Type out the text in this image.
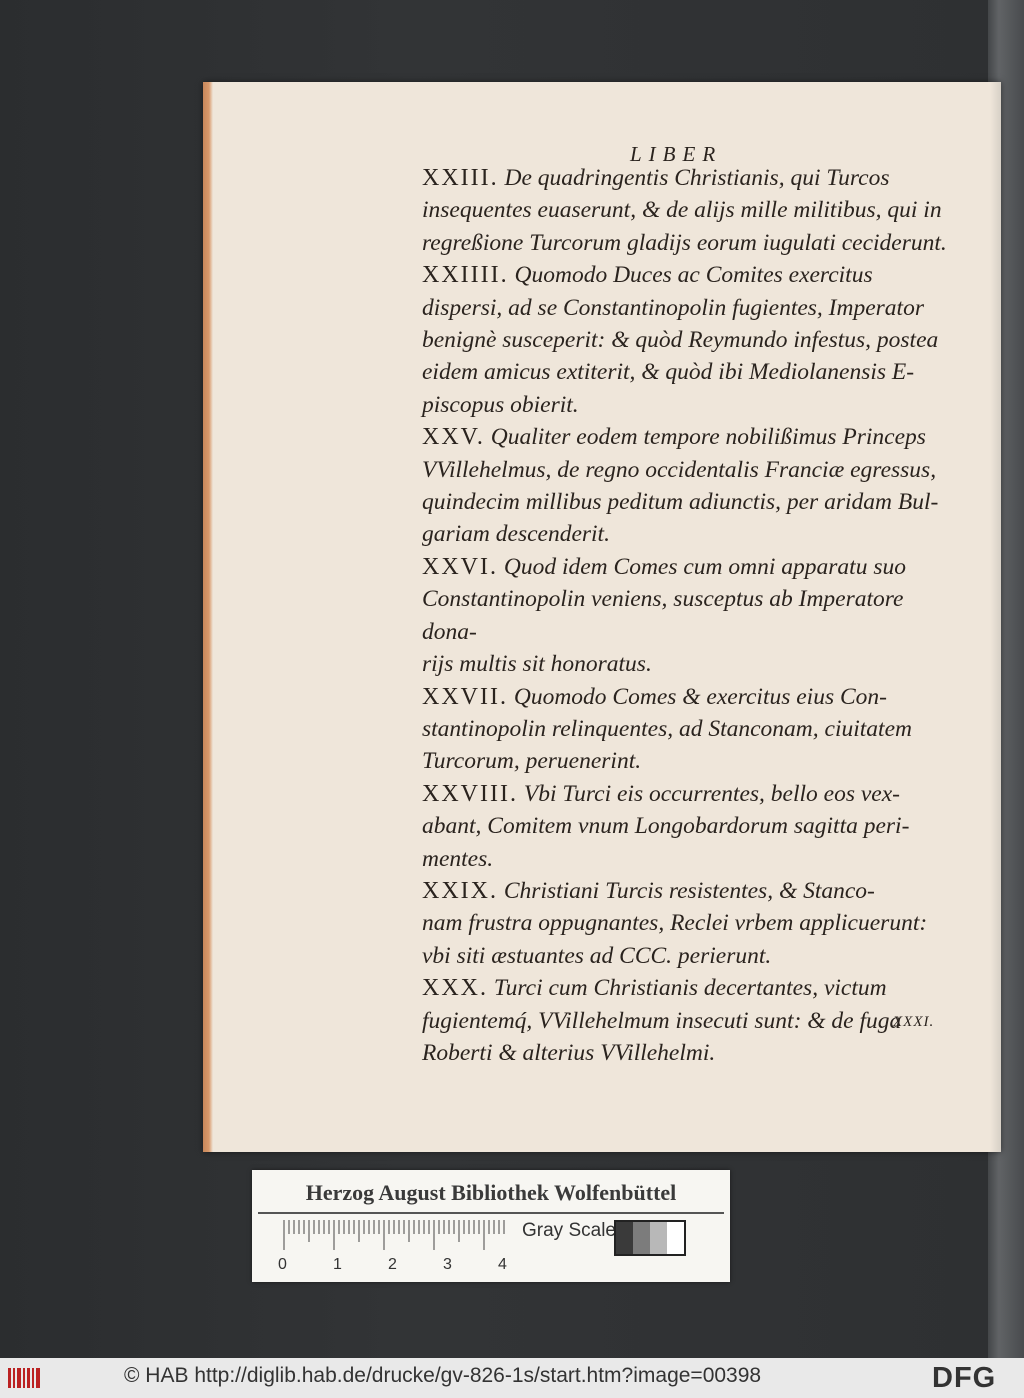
LIBER

XXIII. De quadringentis Christianis, qui Turcos
insequentes euaserunt, & de alijs mille militibus, qui in
regreßione Turcorum gladijs eorum iugulati ceciderunt.

XXIIII. Quomodo Duces ac Comites exercitus
dispersi, ad se Constantinopolin fugientes, Imperator
benignè susceperit: & quòd Reymundo infestus, postea
eidem amicus extiterit, & quòd ibi Mediolanensis E-
piscopus obierit.

XXV. Qualiter eodem tempore nobilißimus Princeps
VVillehelmus, de regno occidentalis Franciæ egressus,
quindecim millibus peditum adiunctis, per aridam Bul-
gariam descenderit.

XXVI. Quod idem Comes cum omni apparatu suo
Constantinopolin veniens, susceptus ab Imperatore dona-
rijs multis sit honoratus.

XXVII. Quomodo Comes & exercitus eius Con-
stantinopolin relinquentes, ad Stanconam, ciuitatem
Turcorum, peruenerint.

XXVIII. Vbi Turci eis occurrentes, bello eos vex-
abant, Comitem vnum Longobardorum sagitta peri-
mentes.

XXIX. Christiani Turcis resistentes, & Stanco-
nam frustra oppugnantes, Reclei vrbem applicuerunt:
vbi siti æstuantes ad CCC. perierunt.

XXX. Turci cum Christianis decertantes, victum
fugientemq́, VVillehelmum insecuti sunt: & de fuga
Roberti & alterius VVillehelmi.

XXXI.
Herzog August Bibliothek Wolfenbüttel
Gray Scale
0	1	2	3	4
© HAB http://diglib.hab.de/drucke/gv-826-1s/start.htm?image=00398	DFG
